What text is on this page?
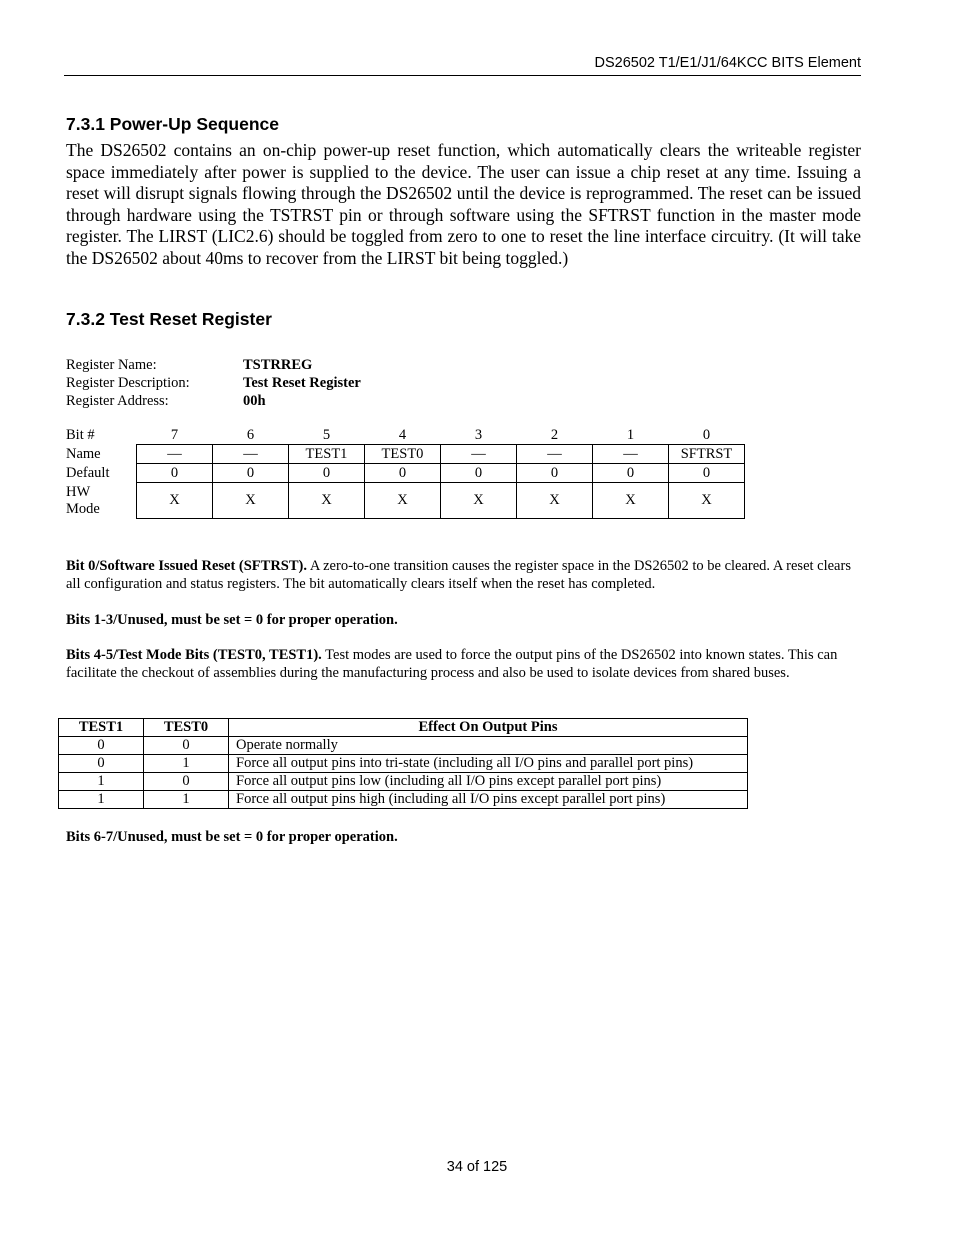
DS26502 T1/E1/J1/64KCC BITS Element
7.3.1 Power-Up Sequence
The DS26502 contains an on-chip power-up reset function, which automatically clears the writeable register space immediately after power is supplied to the device. The user can issue a chip reset at any time. Issuing a reset will disrupt signals flowing through the DS26502 until the device is reprogrammed. The reset can be issued through hardware using the TSTRST pin or through software using the SFTRST function in the master mode register. The LIRST (LIC2.6) should be toggled from zero to one to reset the line interface circuitry. (It will take the DS26502 about 40ms to recover from the LIRST bit being toggled.)
7.3.2 Test Reset Register
Register Name:	TSTRREG
Register Description:	Test Reset Register
Register Address:	00h
Bit #	7	6	5	4	3	2	1	0
Name	—	—	TEST1	TEST0	—	—	—	SFTRST
Default	0	0	0	0	0	0	0	0
HW
Mode	X	X	X	X	X	X	X	X
Bit 0/Software Issued Reset (SFTRST). A zero-to-one transition causes the register space in the DS26502 to be cleared. A reset clears all configuration and status registers. The bit automatically clears itself when the reset has completed.
Bits 1-3/Unused, must be set = 0 for proper operation.
Bits 4-5/Test Mode Bits (TEST0, TEST1). Test modes are used to force the output pins of the DS26502 into known states. This can facilitate the checkout of assemblies during the manufacturing process and also be used to isolate devices from shared buses.
TEST1	TEST0	Effect On Output Pins
0	0	Operate normally
0	1	Force all output pins into tri-state (including all I/O pins and parallel port pins)
1	0	Force all output pins low (including all I/O pins except parallel port pins)
1	1	Force all output pins high (including all I/O pins except parallel port pins)
Bits 6-7/Unused, must be set = 0 for proper operation.
34 of 125
